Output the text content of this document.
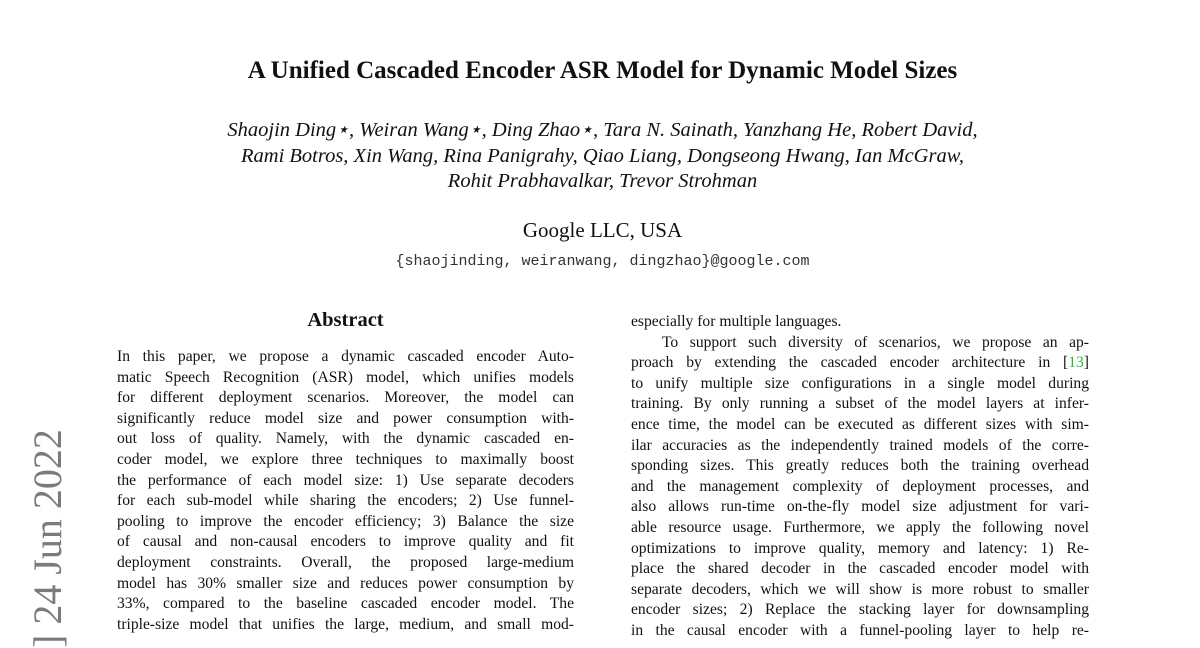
] 24 Jun 2022
A Unified Cascaded Encoder ASR Model for Dynamic Model Sizes
Shaojin Ding⋆, Weiran Wang⋆, Ding Zhao⋆, Tara N. Sainath, Yanzhang He, Robert David,
Rami Botros, Xin Wang, Rina Panigrahy, Qiao Liang, Dongseong Hwang, Ian McGraw,
Rohit Prabhavalkar, Trevor Strohman
Google LLC, USA
{shaojinding, weiranwang, dingzhao}@google.com
Abstract
In this paper, we propose a dynamic cascaded encoder Auto-
matic Speech Recognition (ASR) model, which unifies models
for different deployment scenarios. Moreover, the model can
significantly reduce model size and power consumption with-
out loss of quality. Namely, with the dynamic cascaded en-
coder model, we explore three techniques to maximally boost
the performance of each model size: 1) Use separate decoders
for each sub-model while sharing the encoders; 2) Use funnel-
pooling to improve the encoder efficiency; 3) Balance the size
of causal and non-causal encoders to improve quality and fit
deployment constraints. Overall, the proposed large-medium
model has 30% smaller size and reduces power consumption by
33%, compared to the baseline cascaded encoder model. The
triple-size model that unifies the large, medium, and small mod-
especially for multiple languages.
To support such diversity of scenarios, we propose an ap-
proach by extending the cascaded encoder architecture in [13]
to unify multiple size configurations in a single model during
training. By only running a subset of the model layers at infer-
ence time, the model can be executed as different sizes with sim-
ilar accuracies as the independently trained models of the corre-
sponding sizes. This greatly reduces both the training overhead
and the management complexity of deployment processes, and
also allows run-time on-the-fly model size adjustment for vari-
able resource usage. Furthermore, we apply the following novel
optimizations to improve quality, memory and latency: 1) Re-
place the shared decoder in the cascaded encoder model with
separate decoders, which we will show is more robust to smaller
encoder sizes; 2) Replace the stacking layer for downsampling
in the causal encoder with a funnel-pooling layer to help re-
